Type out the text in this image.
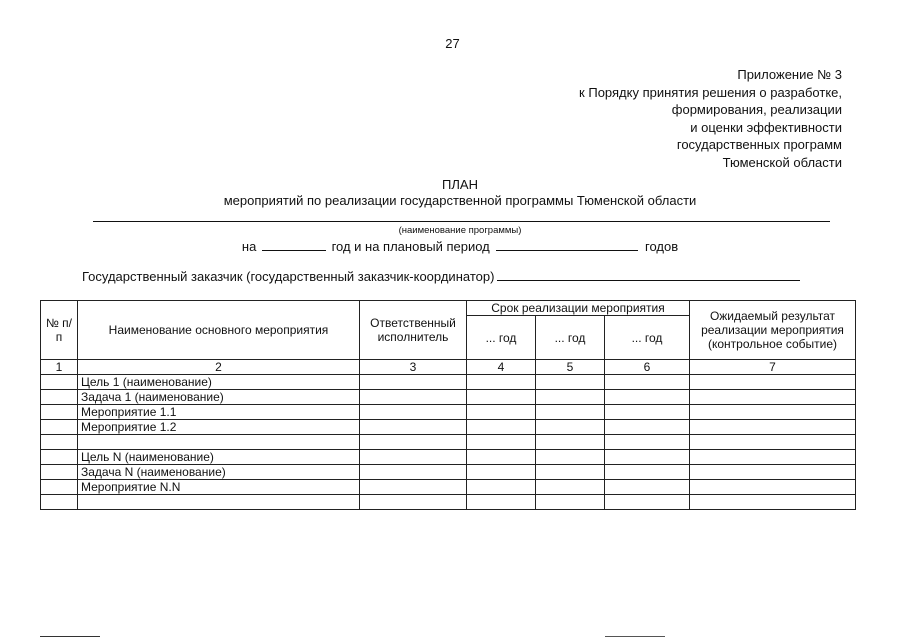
27
Приложение № 3
к Порядку принятия решения о разработке,
формирования, реализации
и оценки эффективности
государственных программ
Тюменской области
ПЛАН
мероприятий по реализации государственной программы Тюменской области
(наименование программы)
на	год и на плановый период	годов
Государственный заказчик (государственный заказчик-координатор)
№ п/п	Наименование основного мероприятия	Ответственный исполнитель	Срок реализации мероприятия			Ожидаемый результат реализации мероприятия (контрольное событие)
			... год	... год	... год	
1	2	3	4	5	6	7
	Цель 1 (наименование)					
	Задача 1 (наименование)					
	Мероприятие 1.1					
	Мероприятие 1.2					

	Цель N (наименование)					
	Задача N (наименование)					
	Мероприятие N.N					
